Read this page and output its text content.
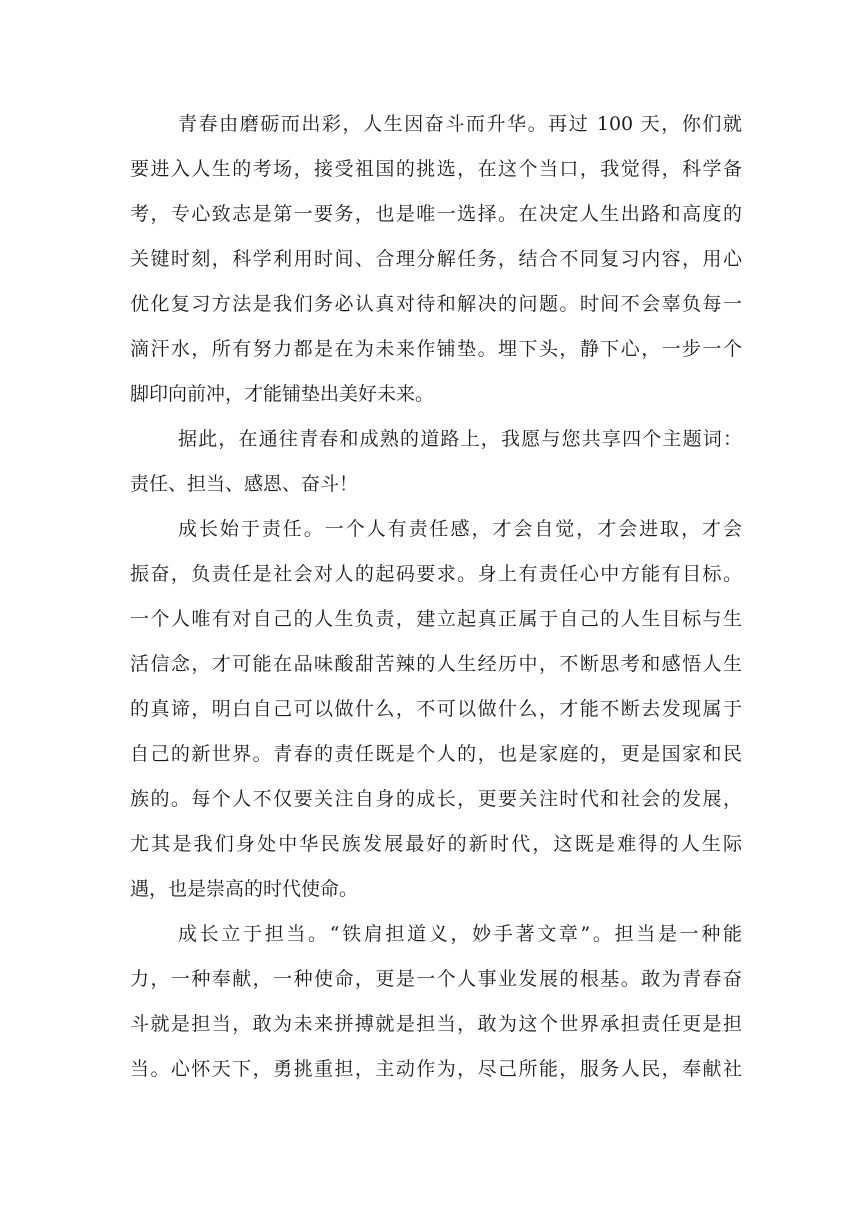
青春由磨砺而出彩，人生因奋斗而升华。再过 100 天，你们就
要进入人生的考场，接受祖国的挑选，在这个当口，我觉得，科学备
考，专心致志是第一要务，也是唯一选择。在决定人生出路和高度的
关键时刻，科学利用时间、合理分解任务，结合不同复习内容，用心
优化复习方法是我们务必认真对待和解决的问题。时间不会辜负每一
滴汗水，所有努力都是在为未来作铺垫。埋下头，静下心，一步一个
脚印向前冲，才能铺垫出美好未来。
据此，在通往青春和成熟的道路上，我愿与您共享四个主题词：
责任、担当、感恩、奋斗！
成长始于责任。一个人有责任感，才会自觉，才会进取，才会
振奋，负责任是社会对人的起码要求。身上有责任心中方能有目标。
一个人唯有对自己的人生负责，建立起真正属于自己的人生目标与生
活信念，才可能在品味酸甜苦辣的人生经历中，不断思考和感悟人生
的真谛，明白自己可以做什么，不可以做什么，才能不断去发现属于
自己的新世界。青春的责任既是个人的，也是家庭的，更是国家和民
族的。每个人不仅要关注自身的成长，更要关注时代和社会的发展，
尤其是我们身处中华民族发展最好的新时代，这既是难得的人生际
遇，也是崇高的时代使命。
成长立于担当。“铁肩担道义，妙手著文章”。担当是一种能
力，一种奉献，一种使命，更是一个人事业发展的根基。敢为青春奋
斗就是担当，敢为未来拼搏就是担当，敢为这个世界承担责任更是担
当。心怀天下，勇挑重担，主动作为，尽己所能，服务人民，奉献社
